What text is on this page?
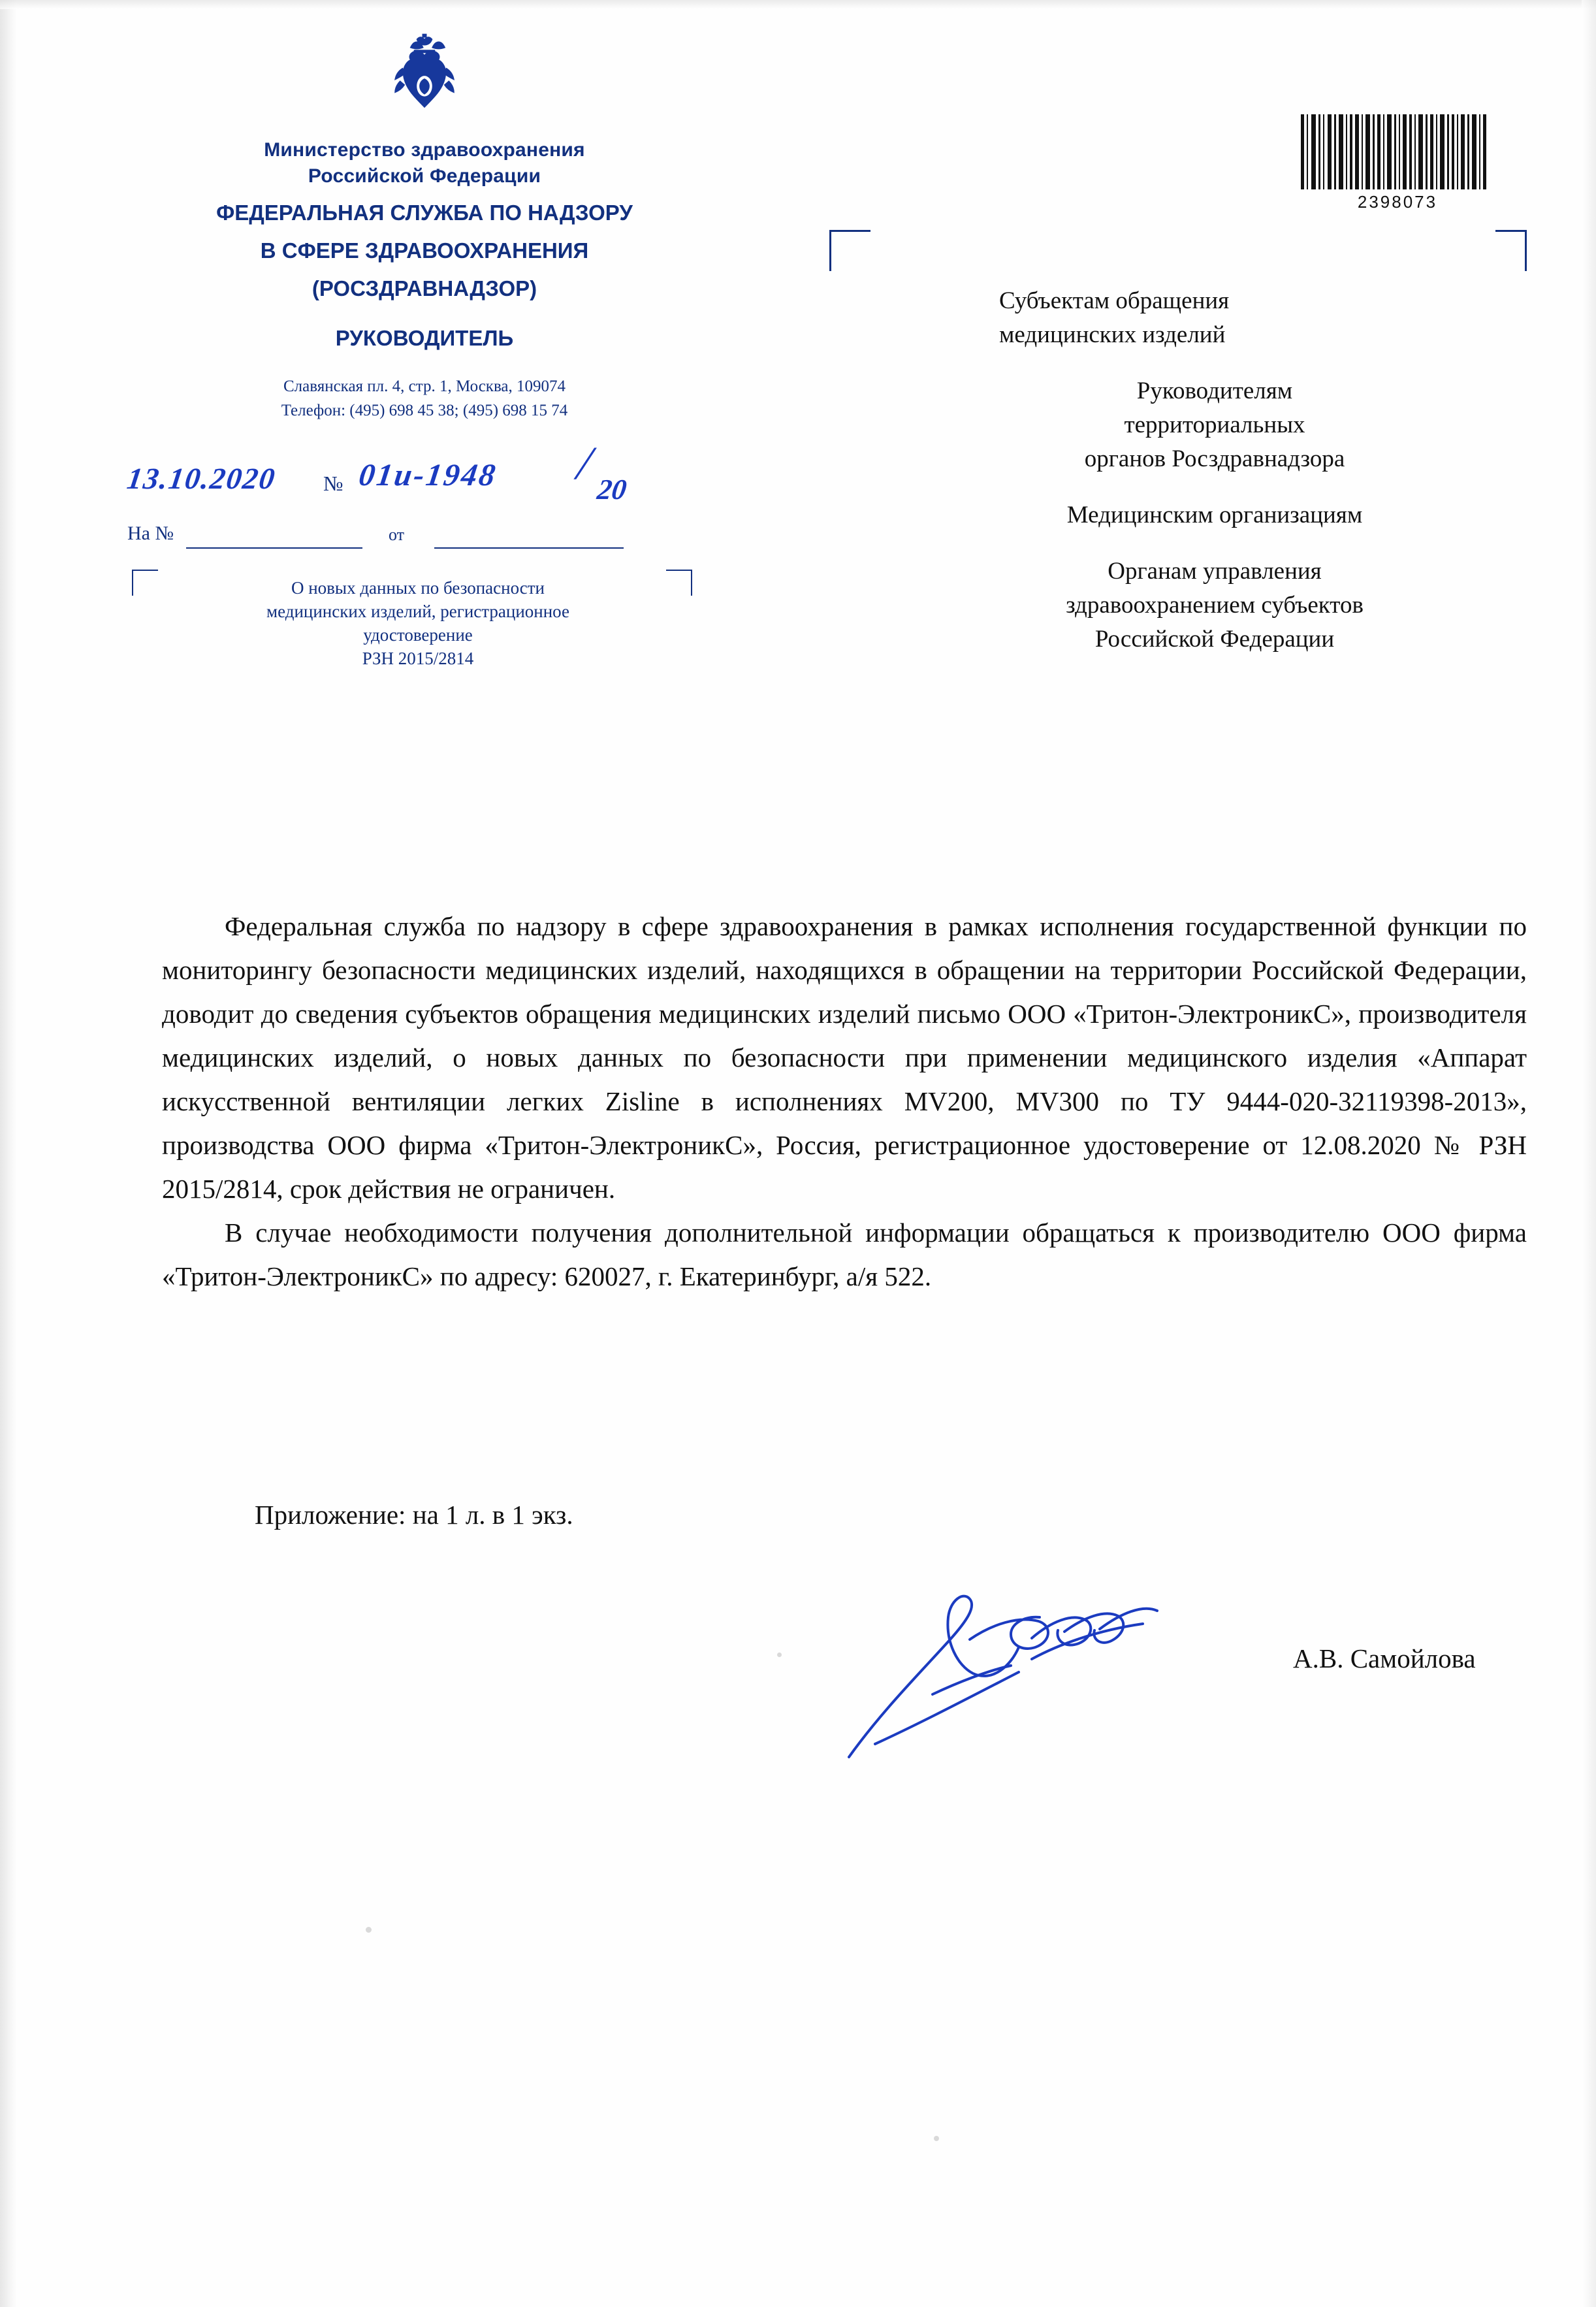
Министерство здравоохранения
Российской Федерации
ФЕДЕРАЛЬНАЯ СЛУЖБА ПО НАДЗОРУ
В СФЕРЕ ЗДРАВООХРАНЕНИЯ
(РОСЗДРАВНАДЗОР)
РУКОВОДИТЕЛЬ
Славянская пл. 4, стр. 1, Москва, 109074
Телефон: (495) 698 45 38; (495) 698 15 74
13.10.2020 № 01и-1948 /
20
На №	от
О новых данных по безопасности
медицинских изделий, регистрационное
удостоверение
РЗН 2015/2814
2398073

Субъектам обращения
медицинских изделий

Руководителям
территориальных
органов Росздравнадзора

Медицинским организациям

Органам управления
здравоохранением субъектов
Российской Федерации

Федеральная служба по надзору в сфере здравоохранения в рамках исполнения государственной функции по мониторингу безопасности медицинских изделий, находящихся в обращении на территории Российской Федерации, доводит до сведения субъектов обращения медицинских изделий письмо ООО «Тритон-ЭлектроникС», производителя медицинских изделий, о новых данных по безопасности при применении медицинского изделия «Аппарат искусственной вентиляции легких Zisline в исполнениях MV200, MV300 по ТУ 9444-020-32119398-2013», производства ООО фирма «Тритон-ЭлектроникС», Россия, регистрационное удостоверение от 12.08.2020 № РЗН 2015/2814, срок действия не ограничен.

В случае необходимости получения дополнительной информации обращаться к производителю ООО фирма «Тритон-ЭлектроникС» по адресу: 620027, г. Екатеринбург, а/я 522.

Приложение: на 1 л. в 1 экз.
А.В. Самойлова
